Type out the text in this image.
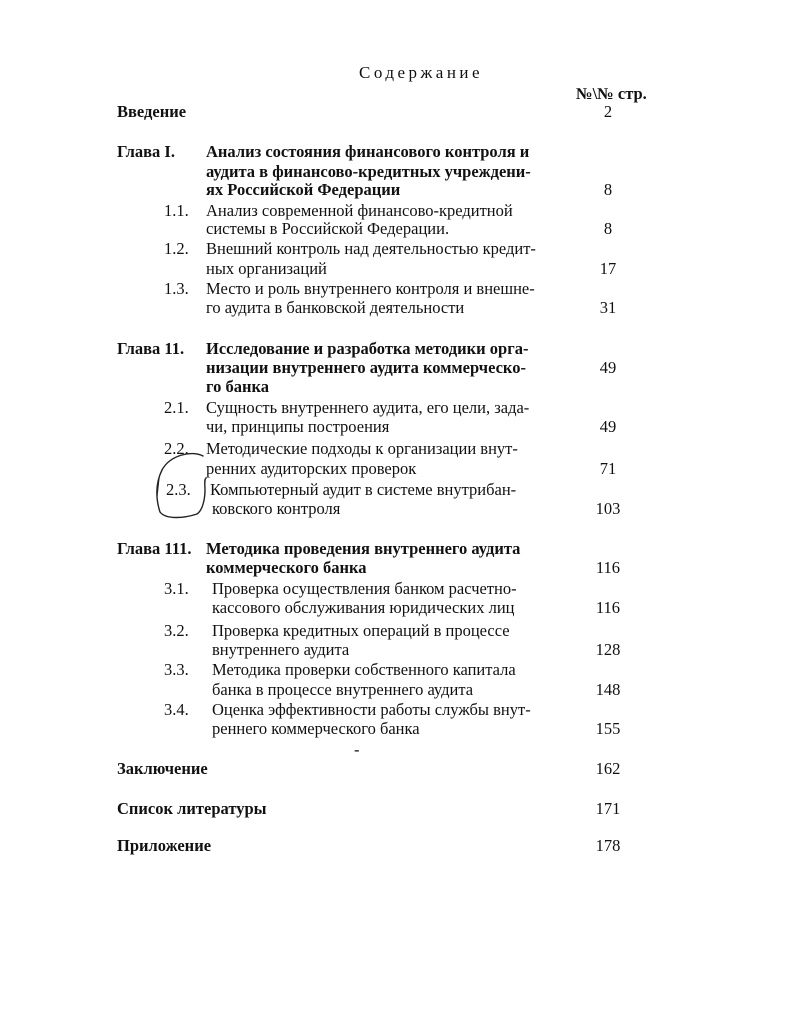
Содержание
№\№ стр.
Введение	2
Глава I. Анализ состояния финансового контроля и
аудита в финансово-кредитных учреждени-
ях Российской Федерации	8
1.1. Анализ современной финансово-кредитной
системы в Российской Федерации.	8
1.2. Внешний контроль над деятельностью кредит-
ных организаций	17
1.3. Место и роль внутреннего контроля и внешне-
го аудита в банковской деятельности	31
Глава 11. Исследование и разработка методики орга-
низации внутреннего аудита коммерческо-	49
го банка
2.1. Сущность внутреннего аудита, его цели, зада-
чи, принципы построения	49
2.2. Методические подходы к организации внут-
ренних аудиторских проверок	71
2.3. Компьютерный аудит в системе внутрибан-
ковского контроля	103
Глава 111. Методика проведения внутреннего аудита
коммерческого банка	116
3.1. Проверка осуществления банком расчетно-
кассового обслуживания юридических лиц	116
3.2. Проверка кредитных операций в процессе
внутреннего аудита	128
3.3. Методика проверки собственного капитала
банка в процессе внутреннего аудита	148
3.4. Оценка эффективности работы службы внут-
реннего коммерческого банка	155
-
Заключение	162
Список литературы	171
Приложение	178
